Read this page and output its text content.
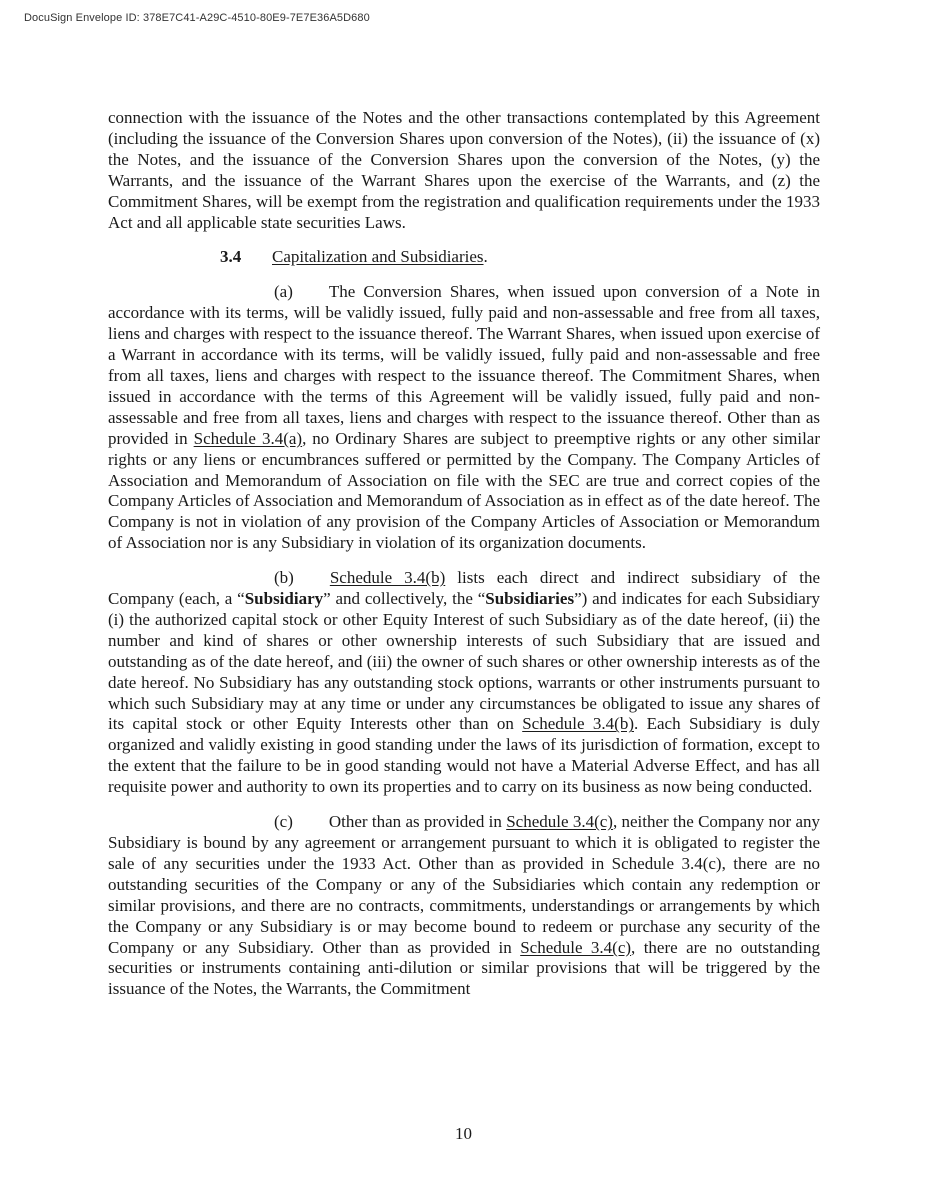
DocuSign Envelope ID: 378E7C41-A29C-4510-80E9-7E7E36A5D680

connection with the issuance of the Notes and the other transactions contemplated by this Agreement (including the issuance of the Conversion Shares upon conversion of the Notes), (ii) the issuance of (x) the Notes, and the issuance of the Conversion Shares upon the conversion of the Notes, (y) the Warrants, and the issuance of the Warrant Shares upon the exercise of the Warrants, and (z) the Commitment Shares, will be exempt from the registration and qualification requirements under the 1933 Act and all applicable state securities Laws.

3.4 Capitalization and Subsidiaries.

(a) The Conversion Shares, when issued upon conversion of a Note in accordance with its terms, will be validly issued, fully paid and non-assessable and free from all taxes, liens and charges with respect to the issuance thereof. The Warrant Shares, when issued upon exercise of a Warrant in accordance with its terms, will be validly issued, fully paid and non-assessable and free from all taxes, liens and charges with respect to the issuance thereof. The Commitment Shares, when issued in accordance with the terms of this Agreement will be validly issued, fully paid and non-assessable and free from all taxes, liens and charges with respect to the issuance thereof. Other than as provided in Schedule 3.4(a), no Ordinary Shares are subject to preemptive rights or any other similar rights or any liens or encumbrances suffered or permitted by the Company. The Company Articles of Association and Memorandum of Association on file with the SEC are true and correct copies of the Company Articles of Association and Memorandum of Association as in effect as of the date hereof. The Company is not in violation of any provision of the Company Articles of Association or Memorandum of Association nor is any Subsidiary in violation of its organization documents.

(b) Schedule 3.4(b) lists each direct and indirect subsidiary of the Company (each, a “Subsidiary” and collectively, the “Subsidiaries”) and indicates for each Subsidiary (i) the authorized capital stock or other Equity Interest of such Subsidiary as of the date hereof, (ii) the number and kind of shares or other ownership interests of such Subsidiary that are issued and outstanding as of the date hereof, and (iii) the owner of such shares or other ownership interests as of the date hereof. No Subsidiary has any outstanding stock options, warrants or other instruments pursuant to which such Subsidiary may at any time or under any circumstances be obligated to issue any shares of its capital stock or other Equity Interests other than on Schedule 3.4(b). Each Subsidiary is duly organized and validly existing in good standing under the laws of its jurisdiction of formation, except to the extent that the failure to be in good standing would not have a Material Adverse Effect, and has all requisite power and authority to own its properties and to carry on its business as now being conducted.

(c) Other than as provided in Schedule 3.4(c), neither the Company nor any Subsidiary is bound by any agreement or arrangement pursuant to which it is obligated to register the sale of any securities under the 1933 Act. Other than as provided in Schedule 3.4(c), there are no outstanding securities of the Company or any of the Subsidiaries which contain any redemption or similar provisions, and there are no contracts, commitments, understandings or arrangements by which the Company or any Subsidiary is or may become bound to redeem or purchase any security of the Company or any Subsidiary. Other than as provided in Schedule 3.4(c), there are no outstanding securities or instruments containing anti-dilution or similar provisions that will be triggered by the issuance of the Notes, the Warrants, the Commitment

10
